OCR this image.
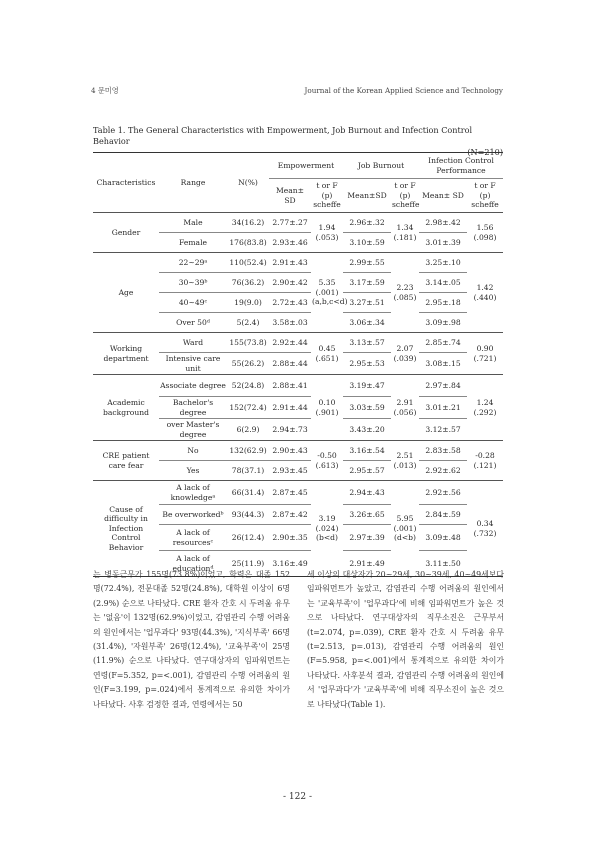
4 문미영	Journal of the Korean Applied Science and Technology
Table 1. The General Characteristics with Empowerment, Job Burnout and Infection Control Behavior
(N=210)
Characteristics	Range	N(%)	Empowerment		Job Burnout		Infection Control Performance	
			Mean± SD	t or F (p) scheffe	Mean±SD	t or F (p) scheffe	Mean± SD	t or F (p) scheffe
Gender	Male	34(16.2)	2.77±.27	1.94 (.053)	2.96±.32	1.34 (.181)	2.98±.42	1.56 (.098)
	Female	176(83.8)	2.93±.46		3.10±.59		3.01±.39	
Age	22~29ᵃ	110(52.4)	2.91±.43	5.35 (.001) (a,b,c<d)	2.99±.55	2.23 (.085)	3.25±.10	1.42 (.440)
	30~39ᵇ	76(36.2)	2.90±.42		3.17±.59		3.14±.05	
	40~49ᶜ	19(9.0)	2.72±.43		3.27±.51		2.95±.18	
	Over 50ᵈ	5(2.4)	3.58±.03		3.06±.34		3.09±.98	
Working department	Ward	155(73.8)	2.92±.44	0.45 (.651)	3.13±.57	2.07 (.039)	2.85±.74	0.90 (.721)
	Intensive care unit	55(26.2)	2.88±.44		2.95±.53		3.08±.15	
Academic background	Associate degree	52(24.8)	2.88±.41	0.10 (.901)	3.19±.47	2.91 (.056)	2.97±.84	1.24 (.292)
	Bachelor's degree	152(72.4)	2.91±.44		3.03±.59		3.01±.21	
	over Master's degree	6(2.9)	2.94±.73		3.43±.20		3.12±.57	
CRE patient care fear	No	132(62.9)	2.90±.43	-0.50 (.613)	3.16±.54	2.51 (.013)	2.83±.58	-0.28 (.121)
	Yes	78(37.1)	2.93±.45		2.95±.57		2.92±.62	
Cause of difficulty in Infection Control Behavior	A lack of knowledgeᵃ	66(31.4)	2.87±.45	3.19 (.024) (b<d)	2.94±.43	5.95 (.001) (d<b)	2.92±.56	0.34 (.732)
	Be overworkedᵇ	93(44.3)	2.87±.42		3.26±.65		2.84±.59	
	A lack of resourcesᶜ	26(12.4)	2.90±.35		2.97±.39		3.09±.48	
	A lack of educationᵈ	25(11.9)	3.16±.49		2.91±.49		3.11±.50	
는 병동근무가 155명(73.8%)이었고, 학력은 대졸 152명(72.4%), 전문대졸 52명(24.8%), 대학원 이상이 6명(2.9%) 순으로 나타났다. CRE 환자 간호 시 두려움 유무는 '없음'이 132명(62.9%)이었고, 감염관리 수행 어려움의 원인에서는 '업무과다' 93명(44.3%), '지식부족' 66명(31.4%), '자원부족' 26명(12.4%), '교육부족'이 25명(11.9%) 순으로 나타났다. 연구대상자의 임파워먼트는 연령(F=5.352, p=<.001), 감염관리 수행 어려움의 원인(F=3.199, p=.024)에서 통계적으로 유의한 차이가 나타났다. 사후 검정한 결과, 연령에서는 50
세 이상의 대상자가 20~29세, 30~39세, 40~49세보다 임파워먼트가 높았고, 감염관리 수행 어려움의 원인에서는 '교육부족'이 '업무과다'에 비해 임파워먼트가 높은 것으로 나타났다. 연구대상자의 직무소진은 근무부서(t=2.074, p=.039), CRE 환자 간호 시 두려움 유무(t=2.513, p=.013), 감염관리 수행 어려움의 원인(F=5.958, p=<.001)에서 통계적으로 유의한 차이가 나타났다. 사후분석 결과, 감염관리 수행 어려움의 원인에서 '업무과다'가 '교육부족'에 비해 직무소진이 높은 것으로 나타났다(Table 1).
- 122 -
